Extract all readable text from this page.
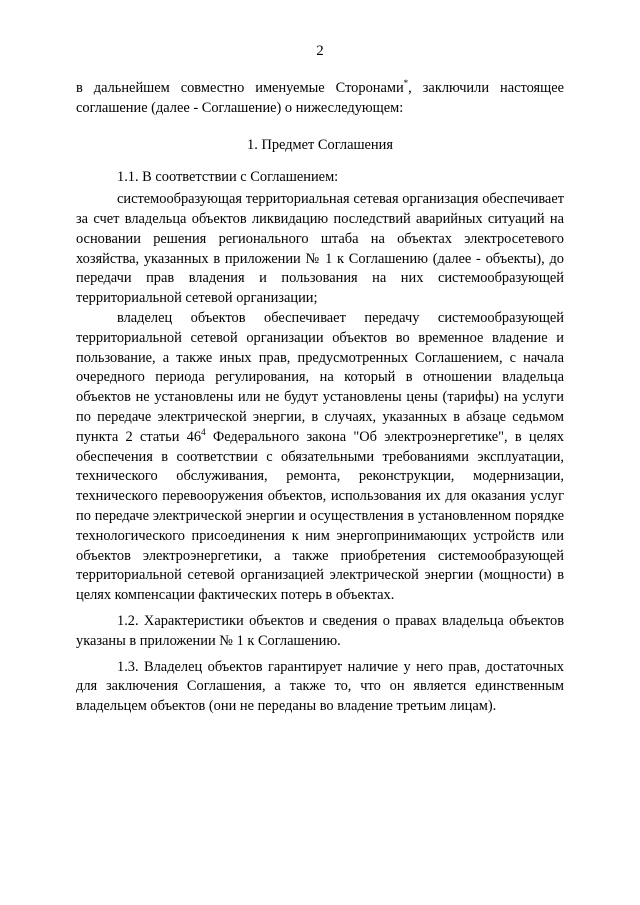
2

в дальнейшем совместно именуемые Сторонами*, заключили настоящее соглашение (далее - Соглашение) о нижеследующем:

1. Предмет Соглашения

1.1. В соответствии с Соглашением:

системообразующая территориальная сетевая организация обеспечивает за счет владельца объектов ликвидацию последствий аварийных ситуаций на основании решения регионального штаба на объектах электросетевого хозяйства, указанных в приложении № 1 к Соглашению (далее - объекты), до передачи прав владения и пользования на них системообразующей территориальной сетевой организации;

владелец объектов обеспечивает передачу системообразующей территориальной сетевой организации объектов во временное владение и пользование, а также иных прав, предусмотренных Соглашением, с начала очередного периода регулирования, на который в отношении владельца объектов не установлены или не будут установлены цены (тарифы) на услуги по передаче электрической энергии, в случаях, указанных в абзаце седьмом пункта 2 статьи $46^4$ Федерального закона "Об электроэнергетике", в целях обеспечения в соответствии с обязательными требованиями эксплуатации, технического обслуживания, ремонта, реконструкции, модернизации, технического перевооружения объектов, использования их для оказания услуг по передаче электрической энергии и осуществления в установленном порядке технологического присоединения к ним энергопринимающих устройств или объектов электроэнергетики, а также приобретения системообразующей территориальной сетевой организацией электрической энергии (мощности) в целях компенсации фактических потерь в объектах.

1.2. Характеристики объектов и сведения о правах владельца объектов указаны в приложении № 1 к Соглашению.

1.3. Владелец объектов гарантирует наличие у него прав, достаточных для заключения Соглашения, а также то, что он является единственным владельцем объектов (они не переданы во владение третьим лицам).
